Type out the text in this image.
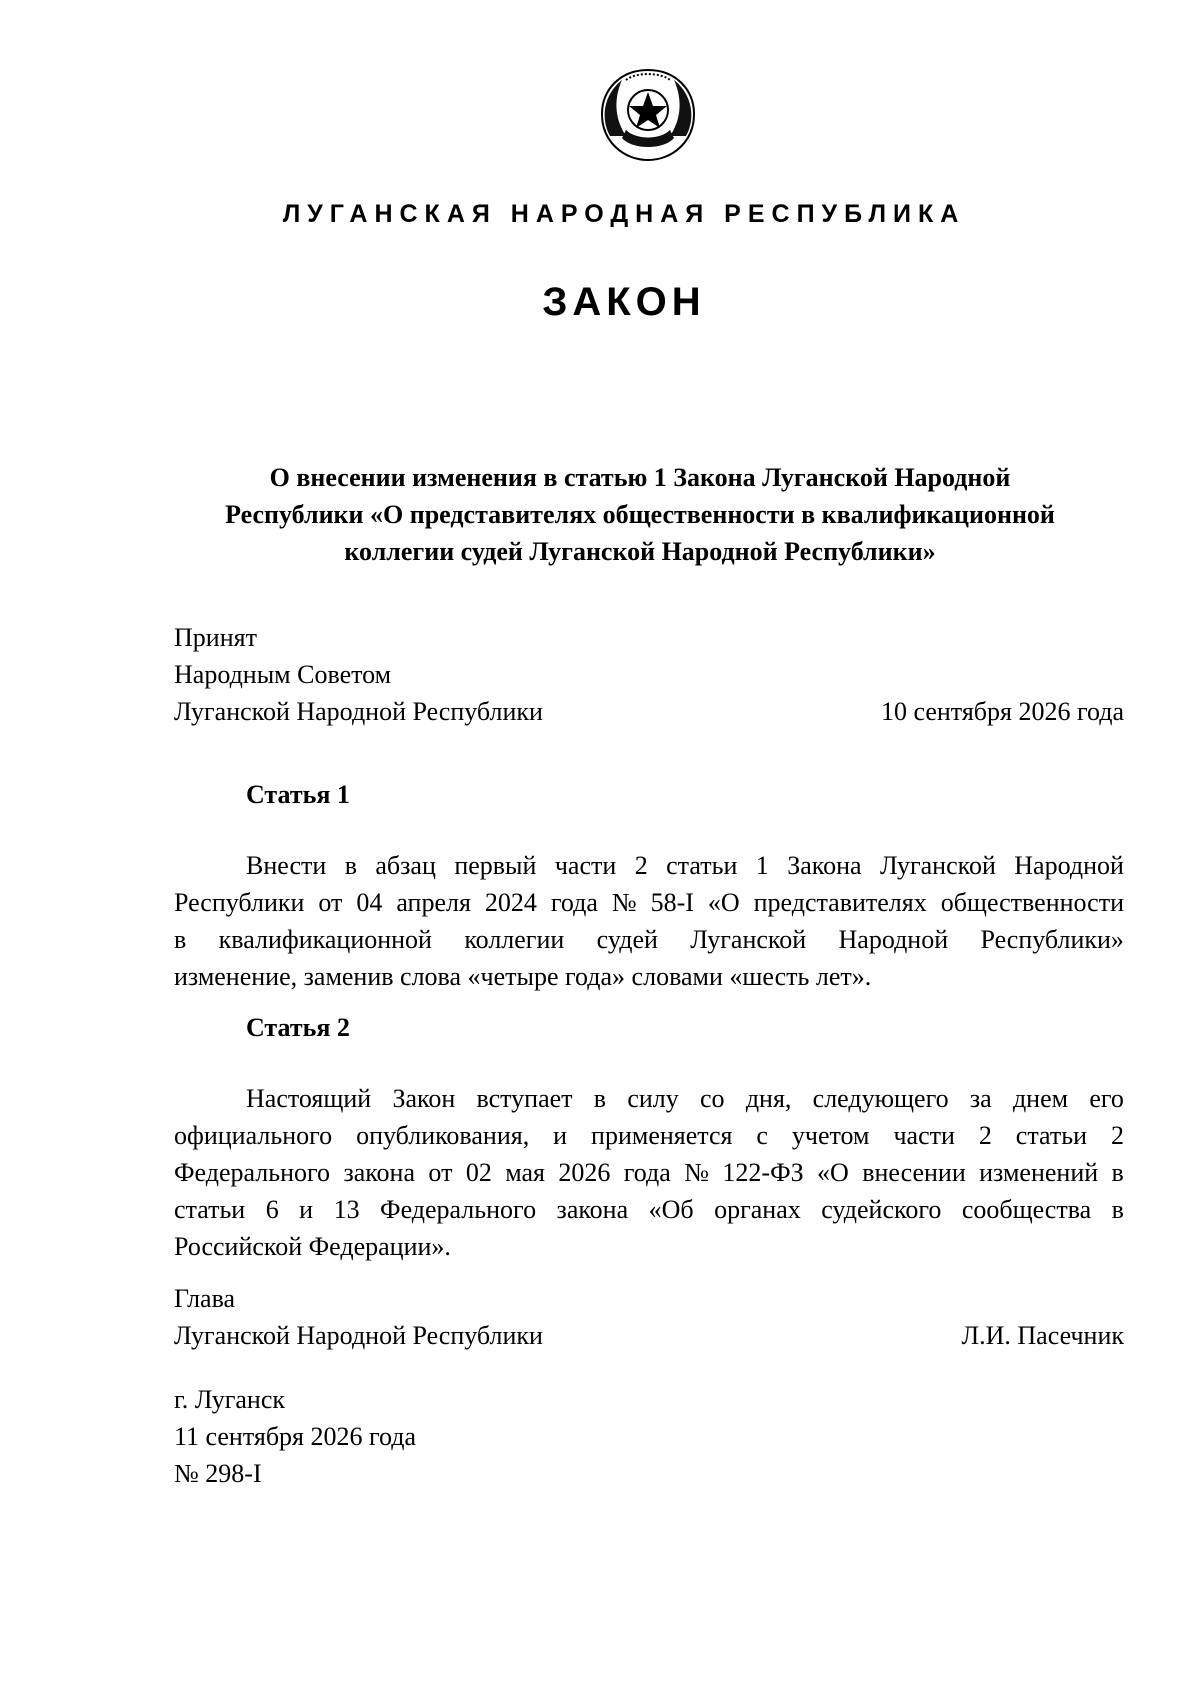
ЛУГАНСКАЯ НАРОДНАЯ РЕСПУБЛИКА
ЗАКОН
О внесении изменения в статью 1 Закона Луганской Народной
Республики «О представителях общественности в квалификационной
коллегии судей Луганской Народной Республики»
Принят
Народным Советом
Луганской Народной Республики	10 сентября 2026 года
Статья 1
Внести в абзац первый части 2 статьи 1 Закона Луганской Народной
Республики от 04 апреля 2024 года № 58-I «О представителях общественности
в квалификационной коллегии судей Луганской Народной Республики»
изменение, заменив слова «четыре года» словами «шесть лет».
Статья 2
Настоящий Закон вступает в силу со дня, следующего за днем его
официального опубликования, и применяется с учетом части 2 статьи 2
Федерального закона от 02 мая 2026 года № 122-ФЗ «О внесении изменений в
статьи 6 и 13 Федерального закона «Об органах судейского сообщества в
Российской Федерации».
Глава
Луганской Народной Республики	Л.И. Пасечник
г. Луганск
11 сентября 2026 года
№ 298-I
